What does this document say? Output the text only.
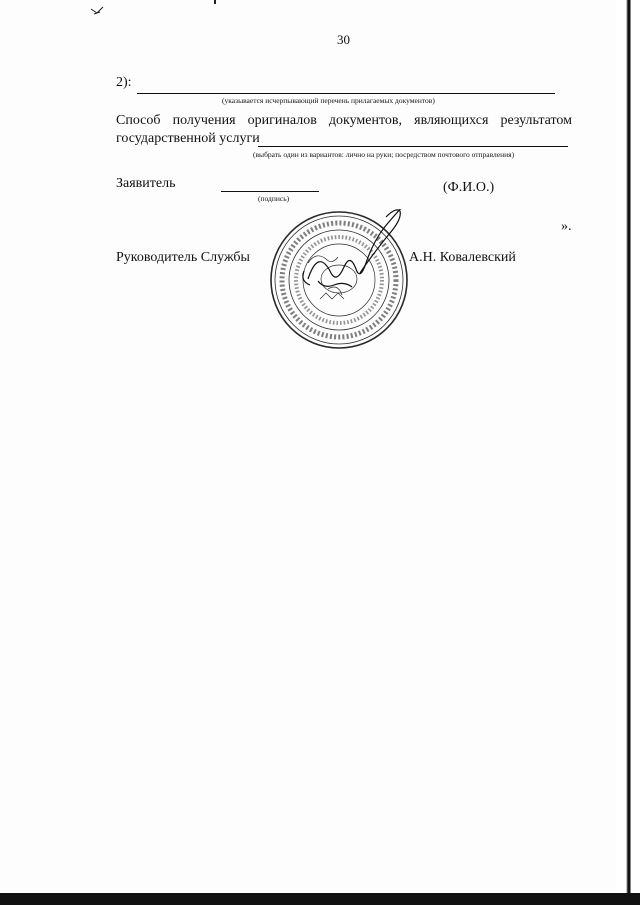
30
2):
(указывается исчерпывающий перечень прилагаемых документов)
Способ получения оригиналов документов, являющихся результатом
государственной услуги
(выбрать один из вариантов: лично на руки; посредством почтового отправления)
Заявитель
(подпись)
(Ф.И.О.)
».
Руководитель Службы	А.Н. Ковалевский
